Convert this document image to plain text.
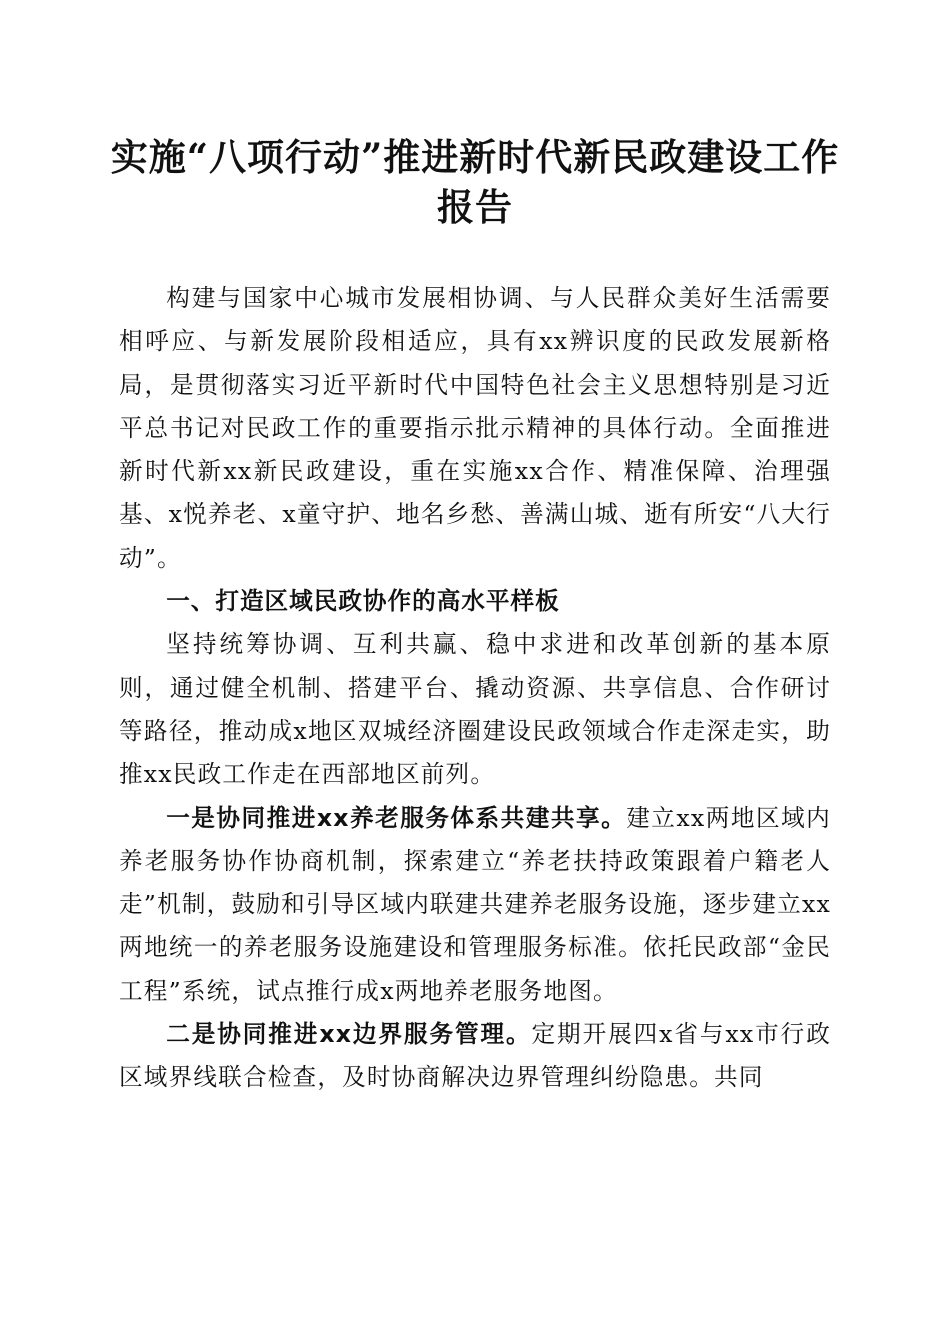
实施“八项行动”推进新时代新民政建设工作
报告

构建与国家中心城市发展相协调、与人民群众美好生活需要相呼应、与新发展阶段相适应，具有xx辨识度的民政发展新格局，是贯彻落实习近平新时代中国特色社会主义思想特别是习近平总书记对民政工作的重要指示批示精神的具体行动。全面推进新时代新xx新民政建设，重在实施xx合作、精准保障、治理强基、x悦养老、x童守护、地名乡愁、善满山城、逝有所安“八大行动”。

一、打造区域民政协作的高水平样板

坚持统筹协调、互利共赢、稳中求进和改革创新的基本原则，通过健全机制、搭建平台、撬动资源、共享信息、合作研讨等路径，推动成x地区双城经济圈建设民政领域合作走深走实，助推xx民政工作走在西部地区前列。

一是协同推进xx养老服务体系共建共享。建立xx两地区域内养老服务协作协商机制，探索建立“养老扶持政策跟着户籍老人走”机制，鼓励和引导区域内联建共建养老服务设施，逐步建立xx两地统一的养老服务设施建设和管理服务标准。依托民政部“金民工程”系统，试点推行成x两地养老服务地图。

二是协同推进xx边界服务管理。定期开展四x省与xx市行政区域界线联合检查，及时协商解决边界管理纠纷隐患。共同
